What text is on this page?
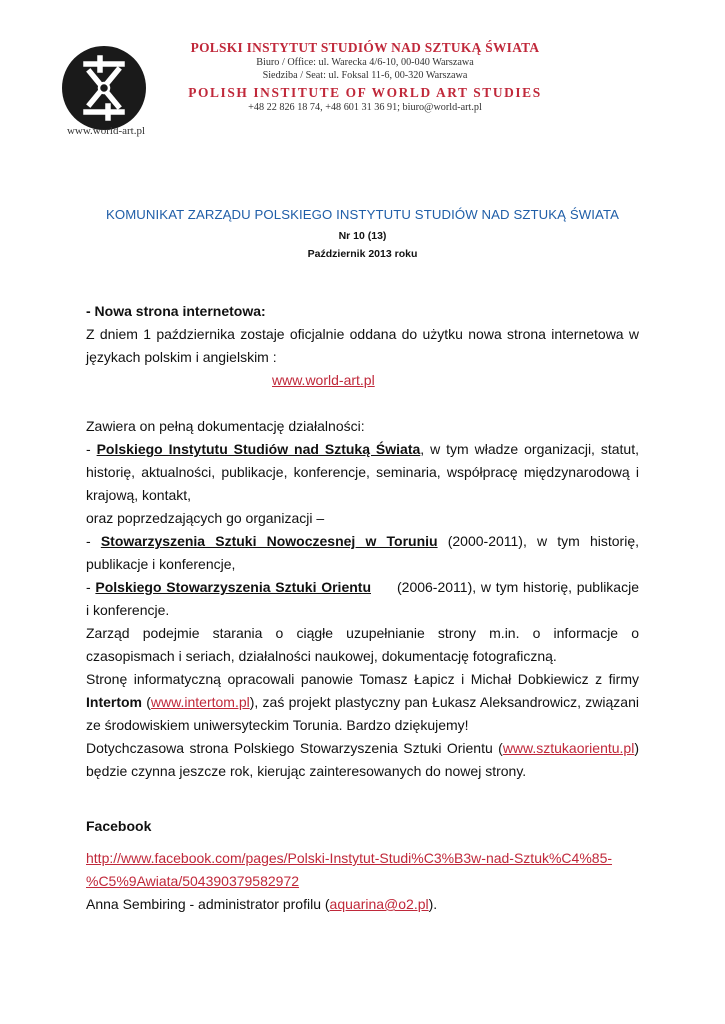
www.world-art.pl
POLSKI INSTYTUT STUDIÓW NAD SZTUKĄ ŚWIATA
Biuro / Office: ul. Warecka 4/6-10, 00-040 Warszawa
Siedziba / Seat: ul. Foksal 11-6, 00-320 Warszawa
POLISH INSTITUTE OF WORLD ART STUDIES
+48 22 826 18 74, +48 601 31 36 91; biuro@world-art.pl
KOMUNIKAT ZARZĄDU POLSKIEGO INSTYTUTU STUDIÓW NAD SZTUKĄ ŚWIATA
Nr 10 (13)
Październik 2013 roku

- Nowa strona internetowa:

Z dniem 1 października zostaje oficjalnie oddana do użytku nowa strona internetowa w językach polskim i angielskim :

www.world-art.pl

Zawiera on pełną dokumentację działalności:

- Polskiego Instytutu Studiów nad Sztuką Świata, w tym władze organizacji, statut, historię, aktualności, publikacje, konferencje, seminaria, współpracę międzynarodową i krajową, kontakt,

oraz poprzedzających go organizacji –

- Stowarzyszenia Sztuki Nowoczesnej w Toruniu (2000-2011), w tym historię, publikacje i konferencje,

- Polskiego Stowarzyszenia Sztuki Orientu (2006-2011), w tym historię, publikacje i konferencje.

Zarząd podejmie starania o ciągłe uzupełnianie strony m.in. o informacje o czasopismach i seriach, działalności naukowej, dokumentację fotograficzną.

Stronę informatyczną opracowali panowie Tomasz Łapicz i Michał Dobkiewicz z firmy Intertom (www.intertom.pl), zaś projekt plastyczny pan Łukasz Aleksandrowicz, związani ze środowiskiem uniwersyteckim Torunia. Bardzo dziękujemy!

Dotychczasowa strona Polskiego Stowarzyszenia Sztuki Orientu (www.sztukaorientu.pl) będzie czynna jeszcze rok, kierując zainteresowanych do nowej strony.

Facebook

http://www.facebook.com/pages/Polski-Instytut-Studi%C3%B3w-nad-Sztuk%C4%85-

%C5%9Awiata/504390379582972

Anna Sembiring - administrator profilu (aquarina@o2.pl).
